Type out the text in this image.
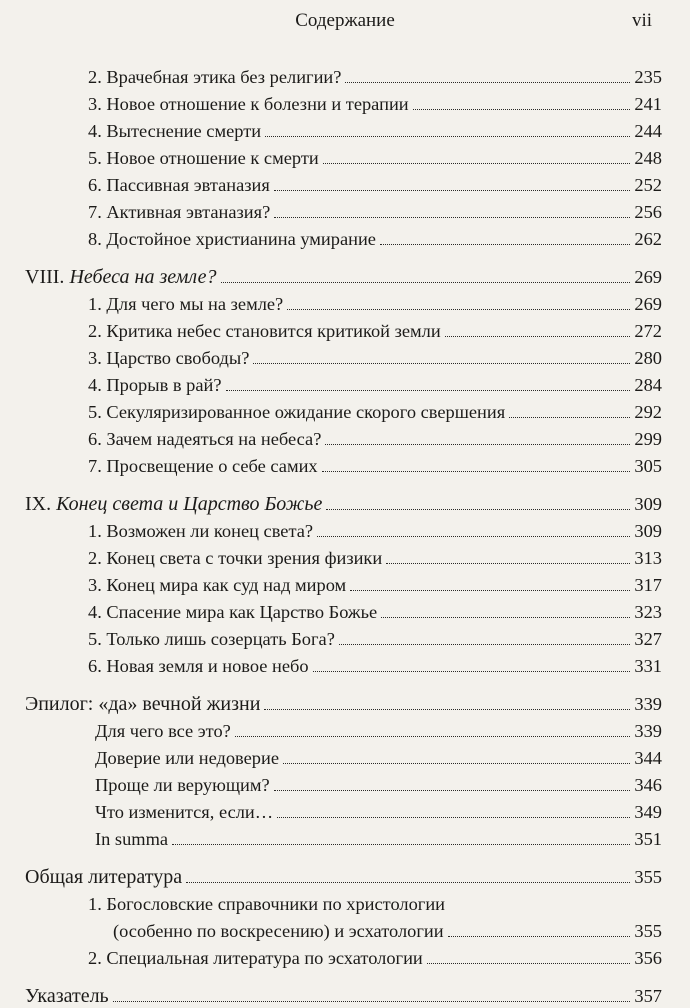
Содержание	vii
2. Врачебная этика без религии?	235
3. Новое отношение к болезни и терапии	241
4. Вытеснение смерти	244
5. Новое отношение к смерти	248
6. Пассивная эвтаназия	252
7. Активная эвтаназия?	256
8. Достойное христианина умирание	262
VIII. Небеса на земле?	269
1. Для чего мы на земле?	269
2. Критика небес становится критикой земли	272
3. Царство свободы?	280
4. Прорыв в рай?	284
5. Секуляризированное ожидание скорого свершения	292
6. Зачем надеяться на небеса?	299
7. Просвещение о себе самих	305
IX. Конец света и Царство Божье	309
1. Возможен ли конец света?	309
2. Конец света с точки зрения физики	313
3. Конец мира как суд над миром	317
4. Спасение мира как Царство Божье	323
5. Только лишь созерцать Бога?	327
6. Новая земля и новое небо	331
Эпилог: «да» вечной жизни	339
Для чего все это?	339
Доверие или недоверие	344
Проще ли верующим?	346
Что изменится, если…	349
In summa	351
Общая литература	355
1. Богословские справочники по христологии
(особенно по воскресению) и эсхатологии	355
2. Специальная литература по эсхатологии	356
Указатель	357
